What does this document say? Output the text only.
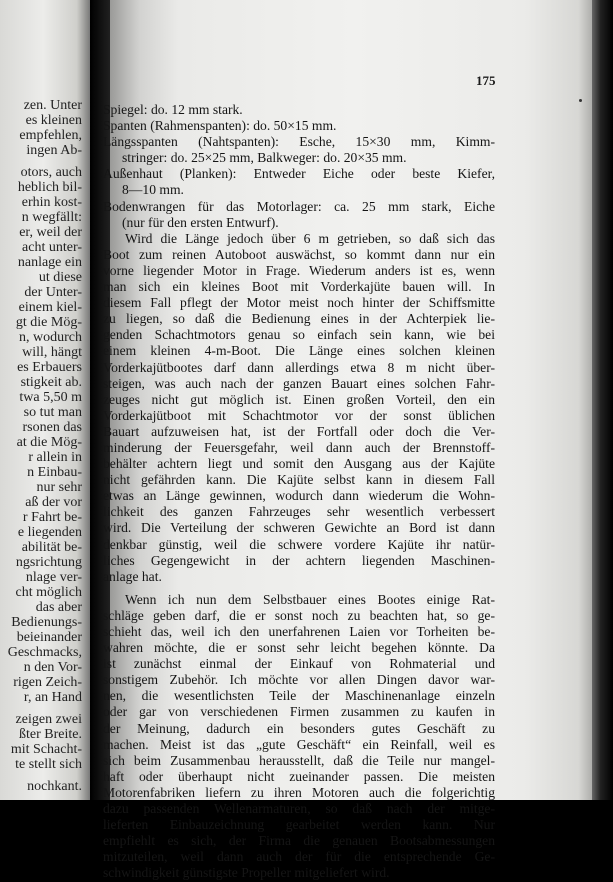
zen. Unter
es kleinen
empfehlen,
ingen Ab-
otors, auch
heblich bil-
erhin kost-
n wegfällt:
er, weil der
acht unter-
nanlage ein
ut diese
der Unter-
einem kiel-
gt die Mög-
n, wodurch
will, hängt
es Erbauers
stigkeit ab.
twa 5,50 m
so tut man
rsonen das
at die Mög-
r allein in
n Einbau-
nur sehr
aß der vor
r Fahrt be-
e liegenden
abilität be-
ngsrichtung
nlage ver-
cht möglich
das aber
Bedienungs-
beieinander
Geschmacks,
n den Vor-
rigen Zeich-
r, an Hand
zeigen zwei
ßter Breite.
mit Schacht-
te stellt sich
nochkant.
175
Spiegel: do. 12 mm stark.
Spanten (Rahmenspanten): do. 50×15 mm.
Längsspanten (Nahtspanten): Esche, 15×30 mm, Kimm-
stringer: do. 25×25 mm, Balkweger: do. 20×35 mm.
Außenhaut (Planken): Entweder Eiche oder beste Kiefer,
8—10 mm.
Bodenwrangen für das Motorlager: ca. 25 mm stark, Eiche
(nur für den ersten Entwurf).
Wird die Länge jedoch über 6 m getrieben, so daß sich das
Boot zum reinen Autoboot auswächst, so kommt dann nur ein
vorne liegender Motor in Frage. Wiederum anders ist es, wenn
man sich ein kleines Boot mit Vorderkajüte bauen will. In
diesem Fall pflegt der Motor meist noch hinter der Schiffsmitte
zu liegen, so daß die Bedienung eines in der Achterpiek lie-
genden Schachtmotors genau so einfach sein kann, wie bei
einem kleinen 4-m-Boot. Die Länge eines solchen kleinen
Vorderkajütbootes darf dann allerdings etwa 8 m nicht über-
steigen, was auch nach der ganzen Bauart eines solchen Fahr-
zeuges nicht gut möglich ist. Einen großen Vorteil, den ein
Vorderkajütboot mit Schachtmotor vor der sonst üblichen
Bauart aufzuweisen hat, ist der Fortfall oder doch die Ver-
minderung der Feuersgefahr, weil dann auch der Brennstoff-
behälter achtern liegt und somit den Ausgang aus der Kajüte
nicht gefährden kann. Die Kajüte selbst kann in diesem Fall
etwas an Länge gewinnen, wodurch dann wiederum die Wohn-
lichkeit des ganzen Fahrzeuges sehr wesentlich verbessert
wird. Die Verteilung der schweren Gewichte an Bord ist dann
denkbar günstig, weil die schwere vordere Kajüte ihr natür-
liches Gegengewicht in der achtern liegenden Maschinen-
anlage hat.
Wenn ich nun dem Selbstbauer eines Bootes einige Rat-
schläge geben darf, die er sonst noch zu beachten hat, so ge-
schieht das, weil ich den unerfahrenen Laien vor Torheiten be-
wahren möchte, die er sonst sehr leicht begehen könnte. Da
ist zunächst einmal der Einkauf von Rohmaterial und
sonstigem Zubehör. Ich möchte vor allen Dingen davor war-
nen, die wesentlichsten Teile der Maschinenanlage einzeln
oder gar von verschiedenen Firmen zusammen zu kaufen in
der Meinung, dadurch ein besonders gutes Geschäft zu
machen. Meist ist das „gute Geschäft“ ein Reinfall, weil es
sich beim Zusammenbau herausstellt, daß die Teile nur mangel-
haft oder überhaupt nicht zueinander passen. Die meisten
Motorenfabriken liefern zu ihren Motoren auch die folgerichtig
dazu passenden Wellenarmaturen, so daß nach der mitge-
lieferten Einbauzeichnung gearbeitet werden kann. Nur
empfiehlt es sich, der Firma die genauen Bootsabmessungen
mitzuteilen, weil dann auch der für die entsprechende Ge-
schwindigkeit günstigste Propeller mitgeliefert wird.
